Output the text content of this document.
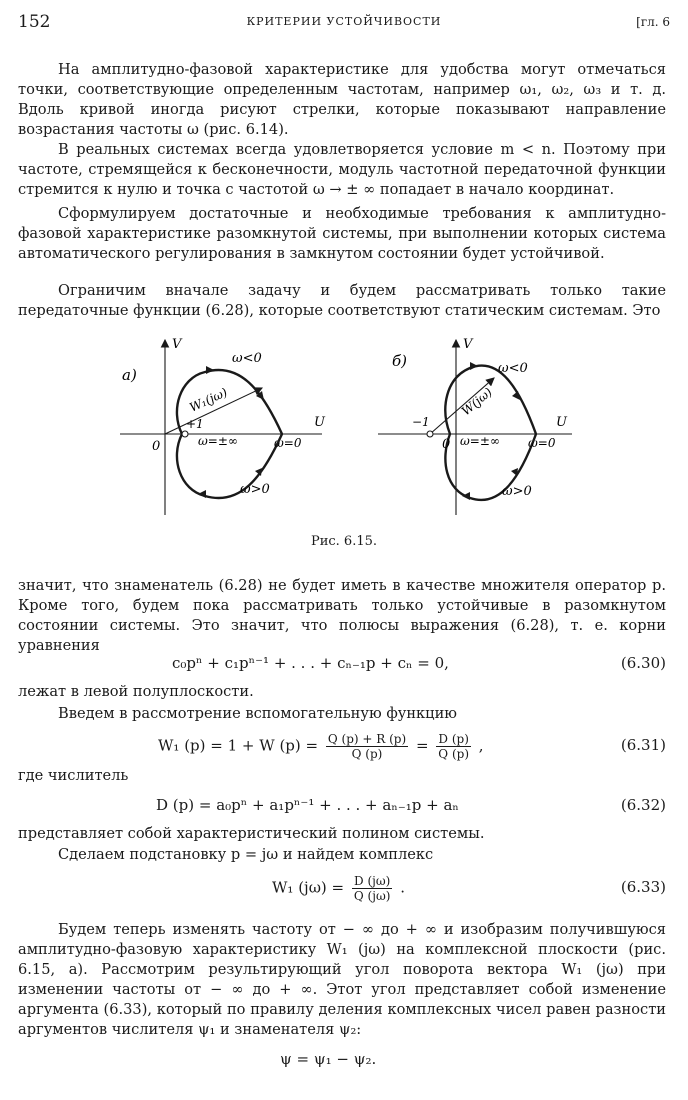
152	КРИТЕРИИ УСТОЙЧИВОСТИ	[гл. 6

На амплитудно-фазовой характеристике для удобства могут отмечаться точки, соответствующие определенным частотам, например ω₁, ω₂, ω₃ и т. д. Вдоль кривой иногда рисуют стрелки, которые показывают направление возрастания частоты ω (рис. 6.14).

В реальных системах всегда удовлетворяется условие m < n. Поэтому при частоте, стремящейся к бесконечности, модуль частотной передаточной функции стремится к нулю и точка с частотой ω → ± ∞ попадает в начало координат.

Сформулируем достаточные и необходимые требования к амплитудно-фазовой характеристике разомкнутой системы, при выполнении которых система автоматического регулирования в замкнутом состоянии будет устойчивой.

Ограничим вначале задачу и будем рассматривать только такие передаточные функции (6.28), которые соответствуют статическим системам. Это

а)
V
U
0
+1
W₁(jω)
ω<0
ω>0
ω=±∞	ω=0
б)
V
U
0
−1
W(jω)
ω<0
ω>0
ω=±∞ ω=0
Рис. 6.15.

значит, что знаменатель (6.28) не будет иметь в качестве множителя оператор p. Кроме того, будем пока рассматривать только устойчивые в разомкнутом состоянии системы. Это значит, что полюсы выражения (6.28), т. е. корни уравнения

c₀pⁿ + c₁pⁿ⁻¹ + . . . + cₙ₋₁p + cₙ = 0,	(6.30)

лежат в левой полуплоскости.

Введем в рассмотрение вспомогательную функцию

W₁ (p) = 1 + W $(p) = \frac{Q (p) + R (p)}{Q (p)} = \frac{D (p)}{Q (p)}$ ,	(6.31)

где числитель

D (p) = a₀pⁿ + a₁pⁿ⁻¹ + . . . + aₙ₋₁p + aₙ	(6.32)

представляет собой характеристический полином системы.

Сделаем подстановку p = jω и найдем комплекс

W₁ $(j\omega) = \frac{D (j\omega)}{Q (j\omega)}$ .	(6.33)

Будем теперь изменять частоту от − ∞ до + ∞ и изобразим получившуюся амплитудно-фазовую характеристику W₁ (jω) на комплексной плоскости (рис. 6.15, а). Рассмотрим результирующий угол поворота вектора W₁ (jω) при изменении частоты от − ∞ до + ∞. Этот угол представляет собой изменение аргумента (6.33), который по правилу деления комплексных чисел равен разности аргументов числителя ψ₁ и знаменателя ψ₂:

ψ = ψ₁ − ψ₂.
